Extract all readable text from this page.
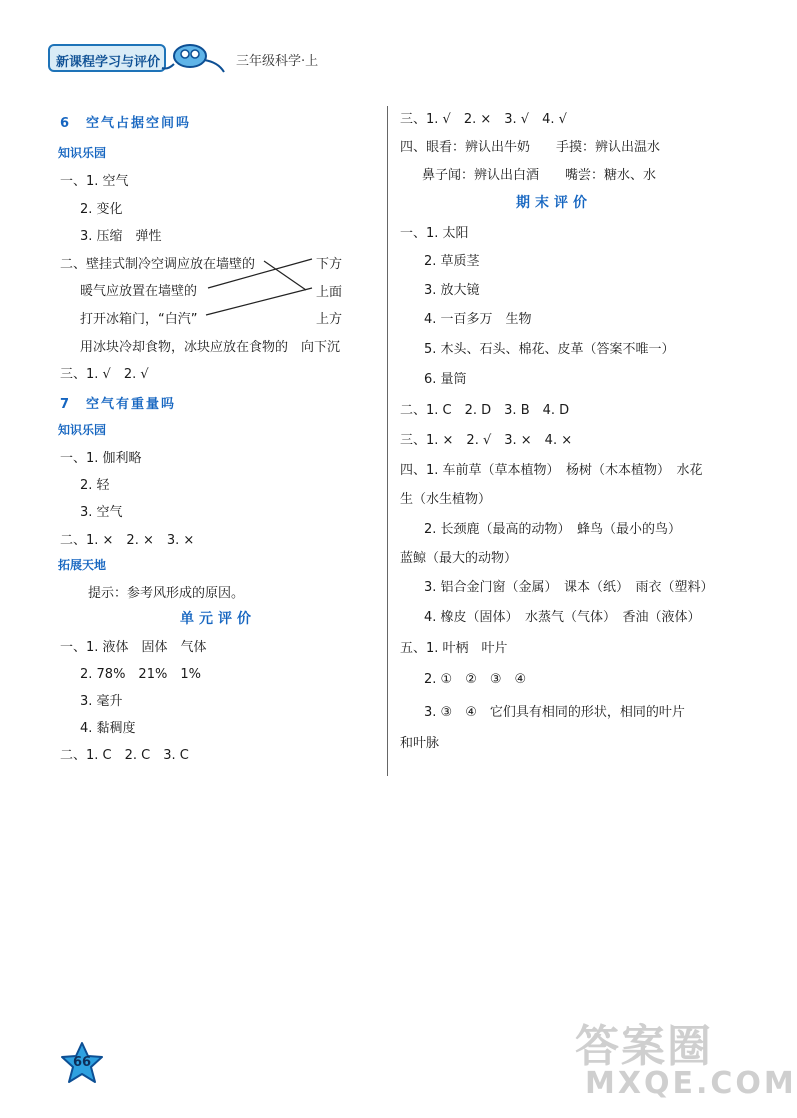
新课程学习与评价	三年级科学·上
6　空气占据空间吗
知识乐园
一、1. 空气
2. 变化
3. 压缩　弹性
二、壁挂式制冷空调应放在墙壁的	下方
暖气应放置在墙壁的	上面
打开冰箱门，“白汽”	上方
用冰块冷却食物，冰块应放在食物的　向下沉
三、1. √　2. √
7　空气有重量吗
知识乐园
一、1. 伽利略
2. 轻
3. 空气
二、1. ×　2. ×　3. ×
拓展天地
提示：参考风形成的原因。
单元评价
一、1. 液体　固体　气体
2. 78%　21%　1%
3. 毫升
4. 黏稠度
二、1. C　2. C　3. C
三、1. √　2. ×　3. √　4. √
四、眼看：辨认出牛奶　　手摸：辨认出温水
鼻子闻：辨认出白酒　　嘴尝：糖水、水
期末评价
一、1. 太阳
2. 草质茎
3. 放大镜
4. 一百多万　生物
5. 木头、石头、棉花、皮革（答案不唯一）
6. 量筒
二、1. C　2. D　3. B　4. D
三、1. ×　2. √　3. ×　4. ×
四、1. 车前草（草本植物）　杨树（木本植物）　水花
生（水生植物）
2. 长颈鹿（最高的动物）　蜂鸟（最小的鸟）
蓝鲸（最大的动物）
3. 铝合金门窗（金属）　课本（纸）　雨衣（塑料）
4. 橡皮（固体）　水蒸气（气体）　香油（液体）
五、1. 叶柄　叶片
2. ①　②　③　④
3. ③　④　它们具有相同的形状，相同的叶片
和叶脉
66	答案圈
MXQE.COM
